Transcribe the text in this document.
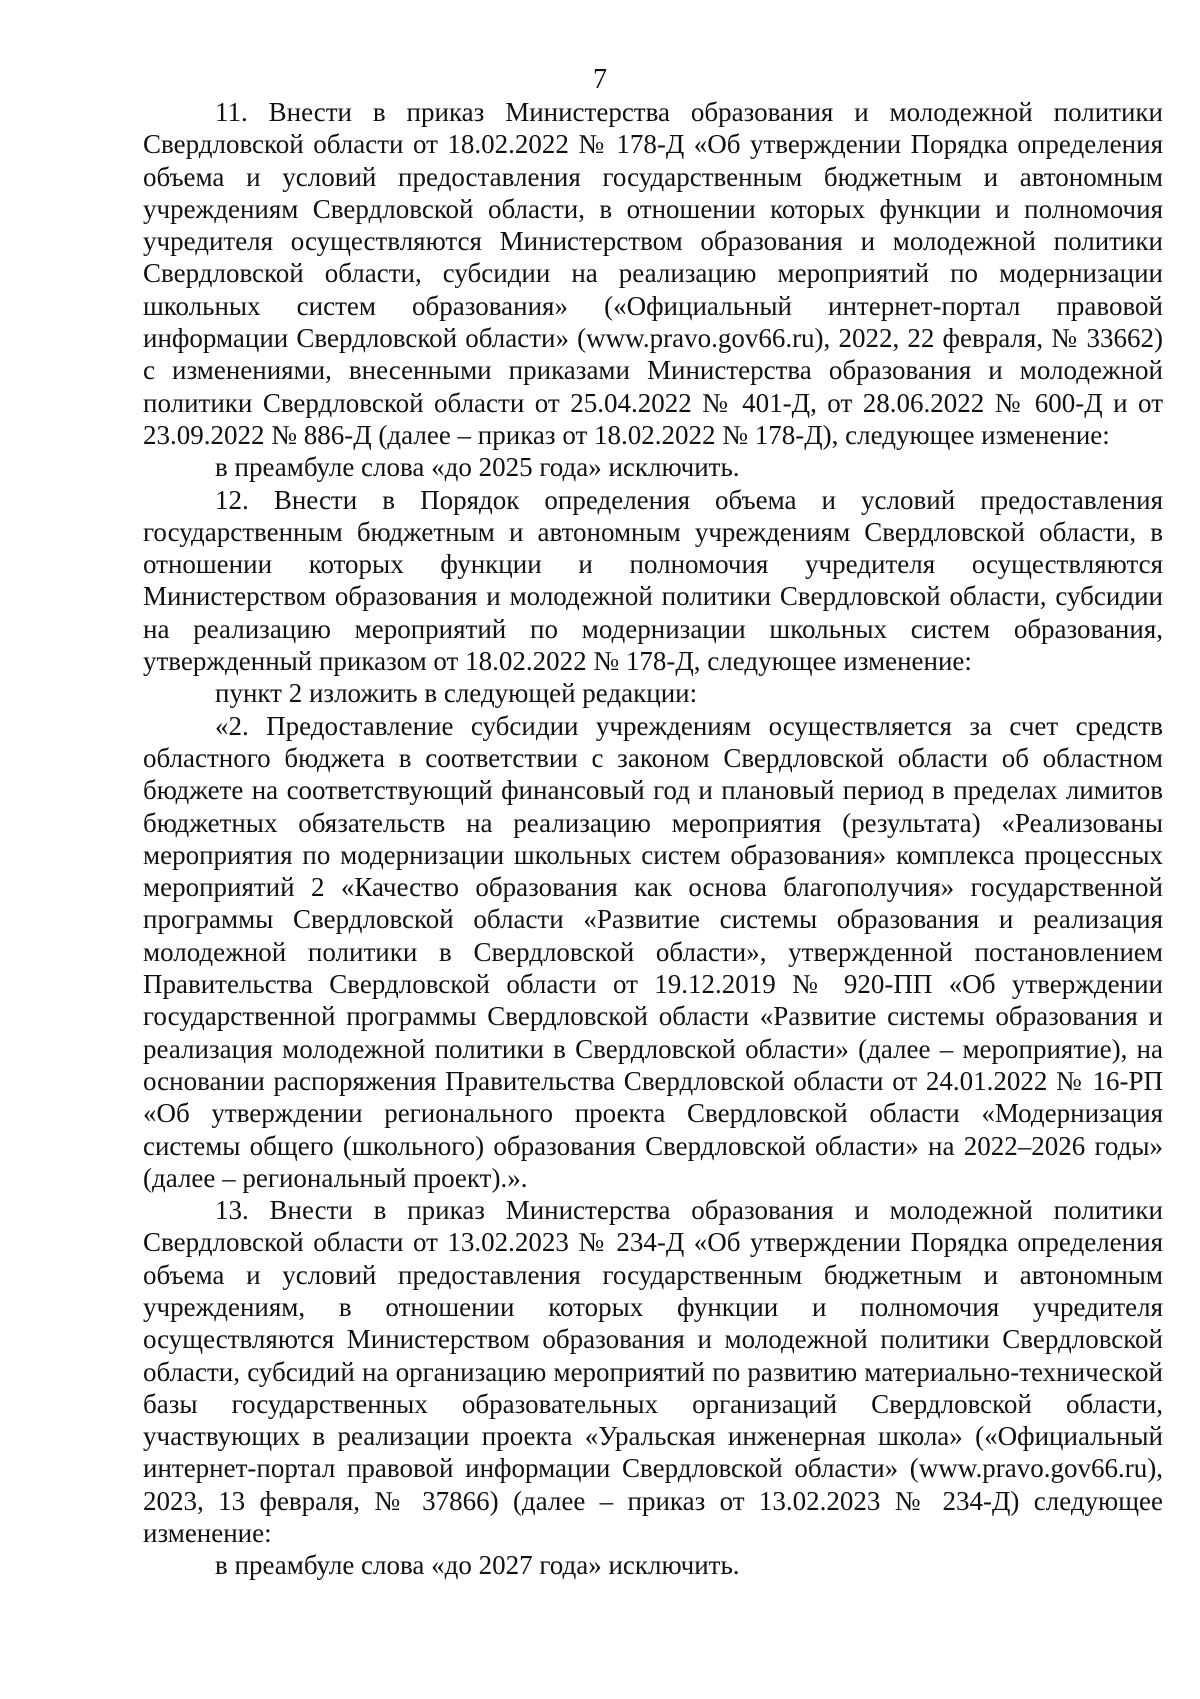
7

11. Внести в приказ Министерства образования и молодежной политики Свердловской области от 18.02.2022 № 178-Д «Об утверждении Порядка определения объема и условий предоставления государственным бюджетным и автономным учреждениям Свердловской области, в отношении которых функции и полномочия учредителя осуществляются Министерством образования и молодежной политики Свердловской области, субсидии на реализацию мероприятий по модернизации школьных систем образования» («Официальный интернет-портал правовой информации Свердловской области» (www.pravo.gov66.ru), 2022, 22 февраля, № 33662) с изменениями, внесенными приказами Министерства образования и молодежной политики Свердловской области от 25.04.2022 № 401-Д, от 28.06.2022 № 600-Д и от 23.09.2022 № 886-Д (далее – приказ от 18.02.2022 № 178-Д), следующее изменение:

в преамбуле слова «до 2025 года» исключить.

12. Внести в Порядок определения объема и условий предоставления государственным бюджетным и автономным учреждениям Свердловской области, в отношении которых функции и полномочия учредителя осуществляются Министерством образования и молодежной политики Свердловской области, субсидии на реализацию мероприятий по модернизации школьных систем образования, утвержденный приказом от 18.02.2022 № 178-Д, следующее изменение:

пункт 2 изложить в следующей редакции:

«2. Предоставление субсидии учреждениям осуществляется за счет средств областного бюджета в соответствии с законом Свердловской области об областном бюджете на соответствующий финансовый год и плановый период в пределах лимитов бюджетных обязательств на реализацию мероприятия (результата) «Реализованы мероприятия по модернизации школьных систем образования» комплекса процессных мероприятий 2 «Качество образования как основа благополучия» государственной программы Свердловской области «Развитие системы образования и реализация молодежной политики в Свердловской области», утвержденной постановлением Правительства Свердловской области от 19.12.2019 № 920-ПП «Об утверждении государственной программы Свердловской области «Развитие системы образования и реализация молодежной политики в Свердловской области» (далее – мероприятие), на основании распоряжения Правительства Свердловской области от 24.01.2022 № 16-РП «Об утверждении регионального проекта Свердловской области «Модернизация системы общего (школьного) образования Свердловской области» на 2022–2026 годы» (далее – региональный проект).».

13. Внести в приказ Министерства образования и молодежной политики Свердловской области от 13.02.2023 № 234-Д «Об утверждении Порядка определения объема и условий предоставления государственным бюджетным и автономным учреждениям, в отношении которых функции и полномочия учредителя осуществляются Министерством образования и молодежной политики Свердловской области, субсидий на организацию мероприятий по развитию материально-технической базы государственных образовательных организаций Свердловской области, участвующих в реализации проекта «Уральская инженерная школа» («Официальный интернет-портал правовой информации Свердловской области» (www.pravo.gov66.ru), 2023, 13 февраля, № 37866) (далее – приказ от 13.02.2023 № 234-Д) следующее изменение:

в преамбуле слова «до 2027 года» исключить.
